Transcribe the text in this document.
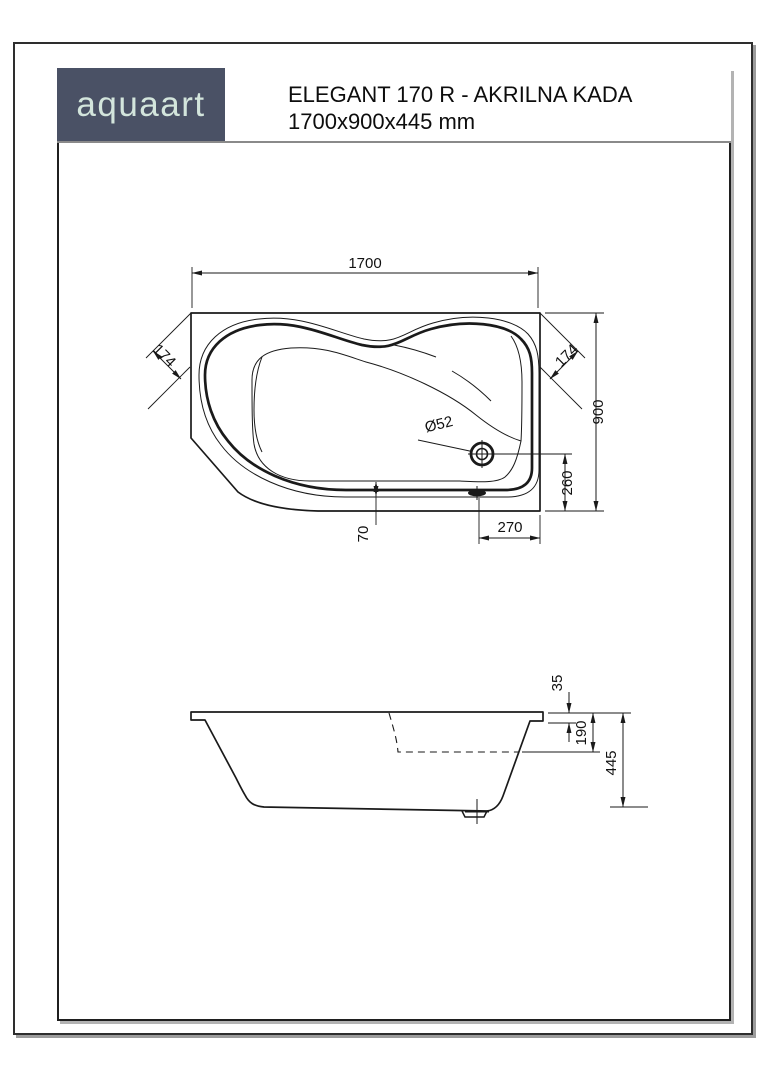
aquaart	ELEGANT 170 R - AKRILNA KADA
1700x900x445 mm
Ø52
1700
900
260
270
70
174	174
35
190
445
